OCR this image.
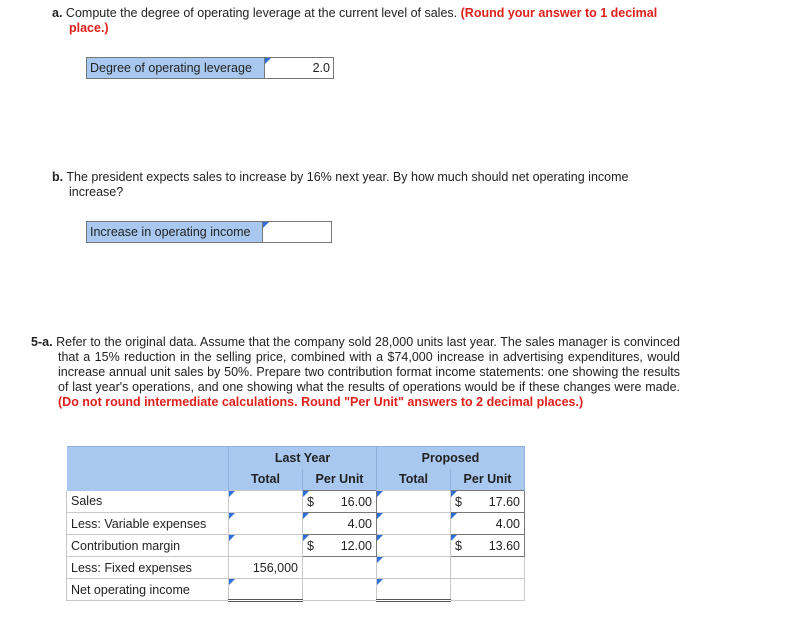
a. Compute the degree of operating leverage at the current level of sales. (Round your answer to 1 decimal place.)
Degree of operating leverage	2.0
b. The president expects sales to increase by 16% next year. By how much should net operating income increase?
Increase in operating income	
5-a. Refer to the original data. Assume that the company sold 28,000 units last year. The sales manager is convinced that a 15% reduction in the selling price, combined with a $74,000 increase in advertising expenditures, would increase annual unit sales by 50%. Prepare two contribution format income statements: one showing the results of last year's operations, and one showing what the results of operations would be if these changes were made. (Do not round intermediate calculations. Round "Per Unit" answers to 2 decimal places.)
	Last Year		Proposed	
	Total	Per Unit	Total	Per Unit
Sales		$ 16.00		$ 17.60
Less: Variable expenses		4.00		4.00
Contribution margin		$ 12.00		$ 13.60
Less: Fixed expenses	156,000		

Net operating income	
